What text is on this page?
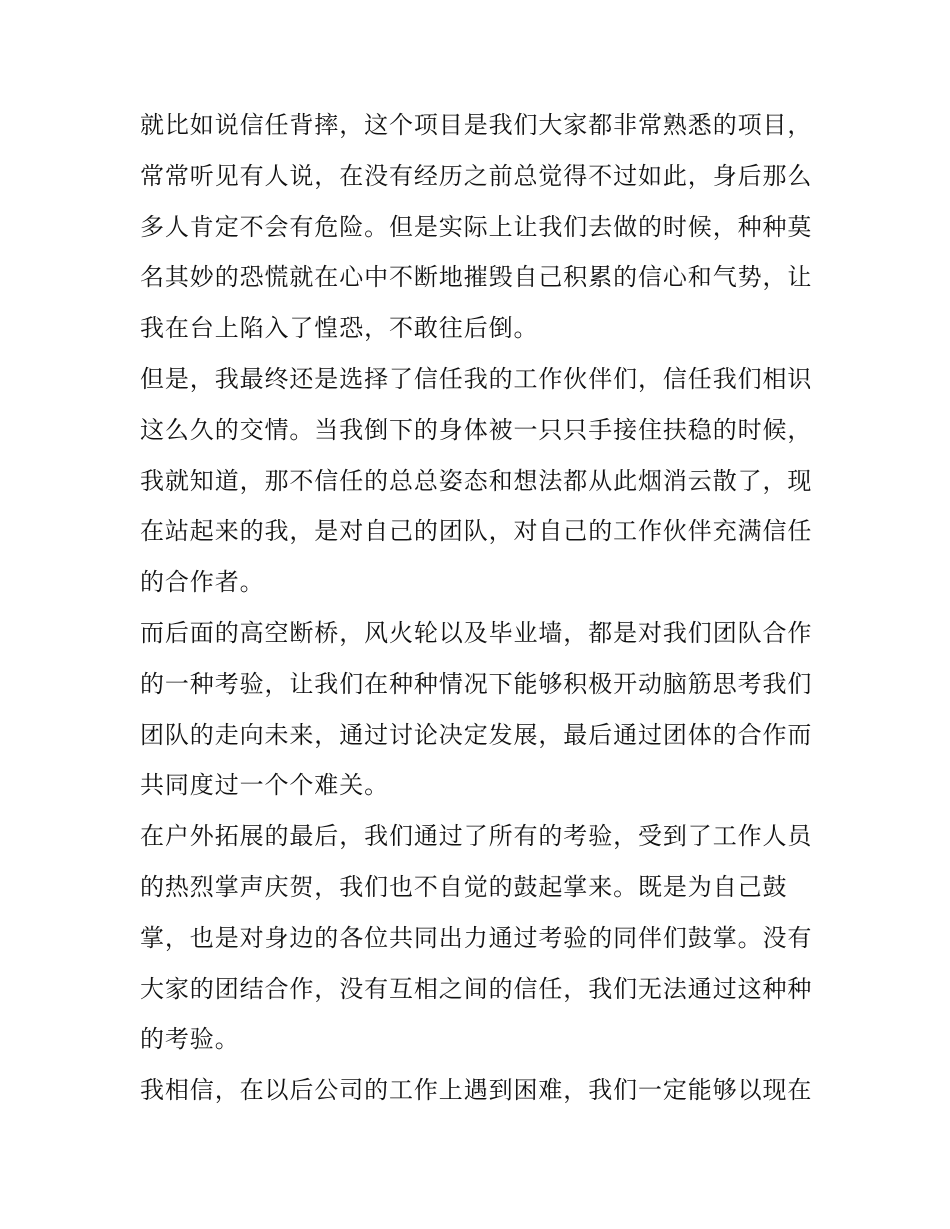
就比如说信任背摔，这个项目是我们大家都非常熟悉的项目，
常常听见有人说，在没有经历之前总觉得不过如此，身后那么
多人肯定不会有危险。但是实际上让我们去做的时候，种种莫
名其妙的恐慌就在心中不断地摧毁自己积累的信心和气势，让
我在台上陷入了惶恐，不敢往后倒。
但是，我最终还是选择了信任我的工作伙伴们，信任我们相识
这么久的交情。当我倒下的身体被一只只手接住扶稳的时候，
我就知道，那不信任的总总姿态和想法都从此烟消云散了，现
在站起来的我，是对自己的团队，对自己的工作伙伴充满信任
的合作者。
而后面的高空断桥，风火轮以及毕业墙，都是对我们团队合作
的一种考验，让我们在种种情况下能够积极开动脑筋思考我们
团队的走向未来，通过讨论决定发展，最后通过团体的合作而
共同度过一个个难关。
在户外拓展的最后，我们通过了所有的考验，受到了工作人员
的热烈掌声庆贺，我们也不自觉的鼓起掌来。既是为自己鼓
掌，也是对身边的各位共同出力通过考验的同伴们鼓掌。没有
大家的团结合作，没有互相之间的信任，我们无法通过这种种
的考验。
我相信，在以后公司的工作上遇到困难，我们一定能够以现在
